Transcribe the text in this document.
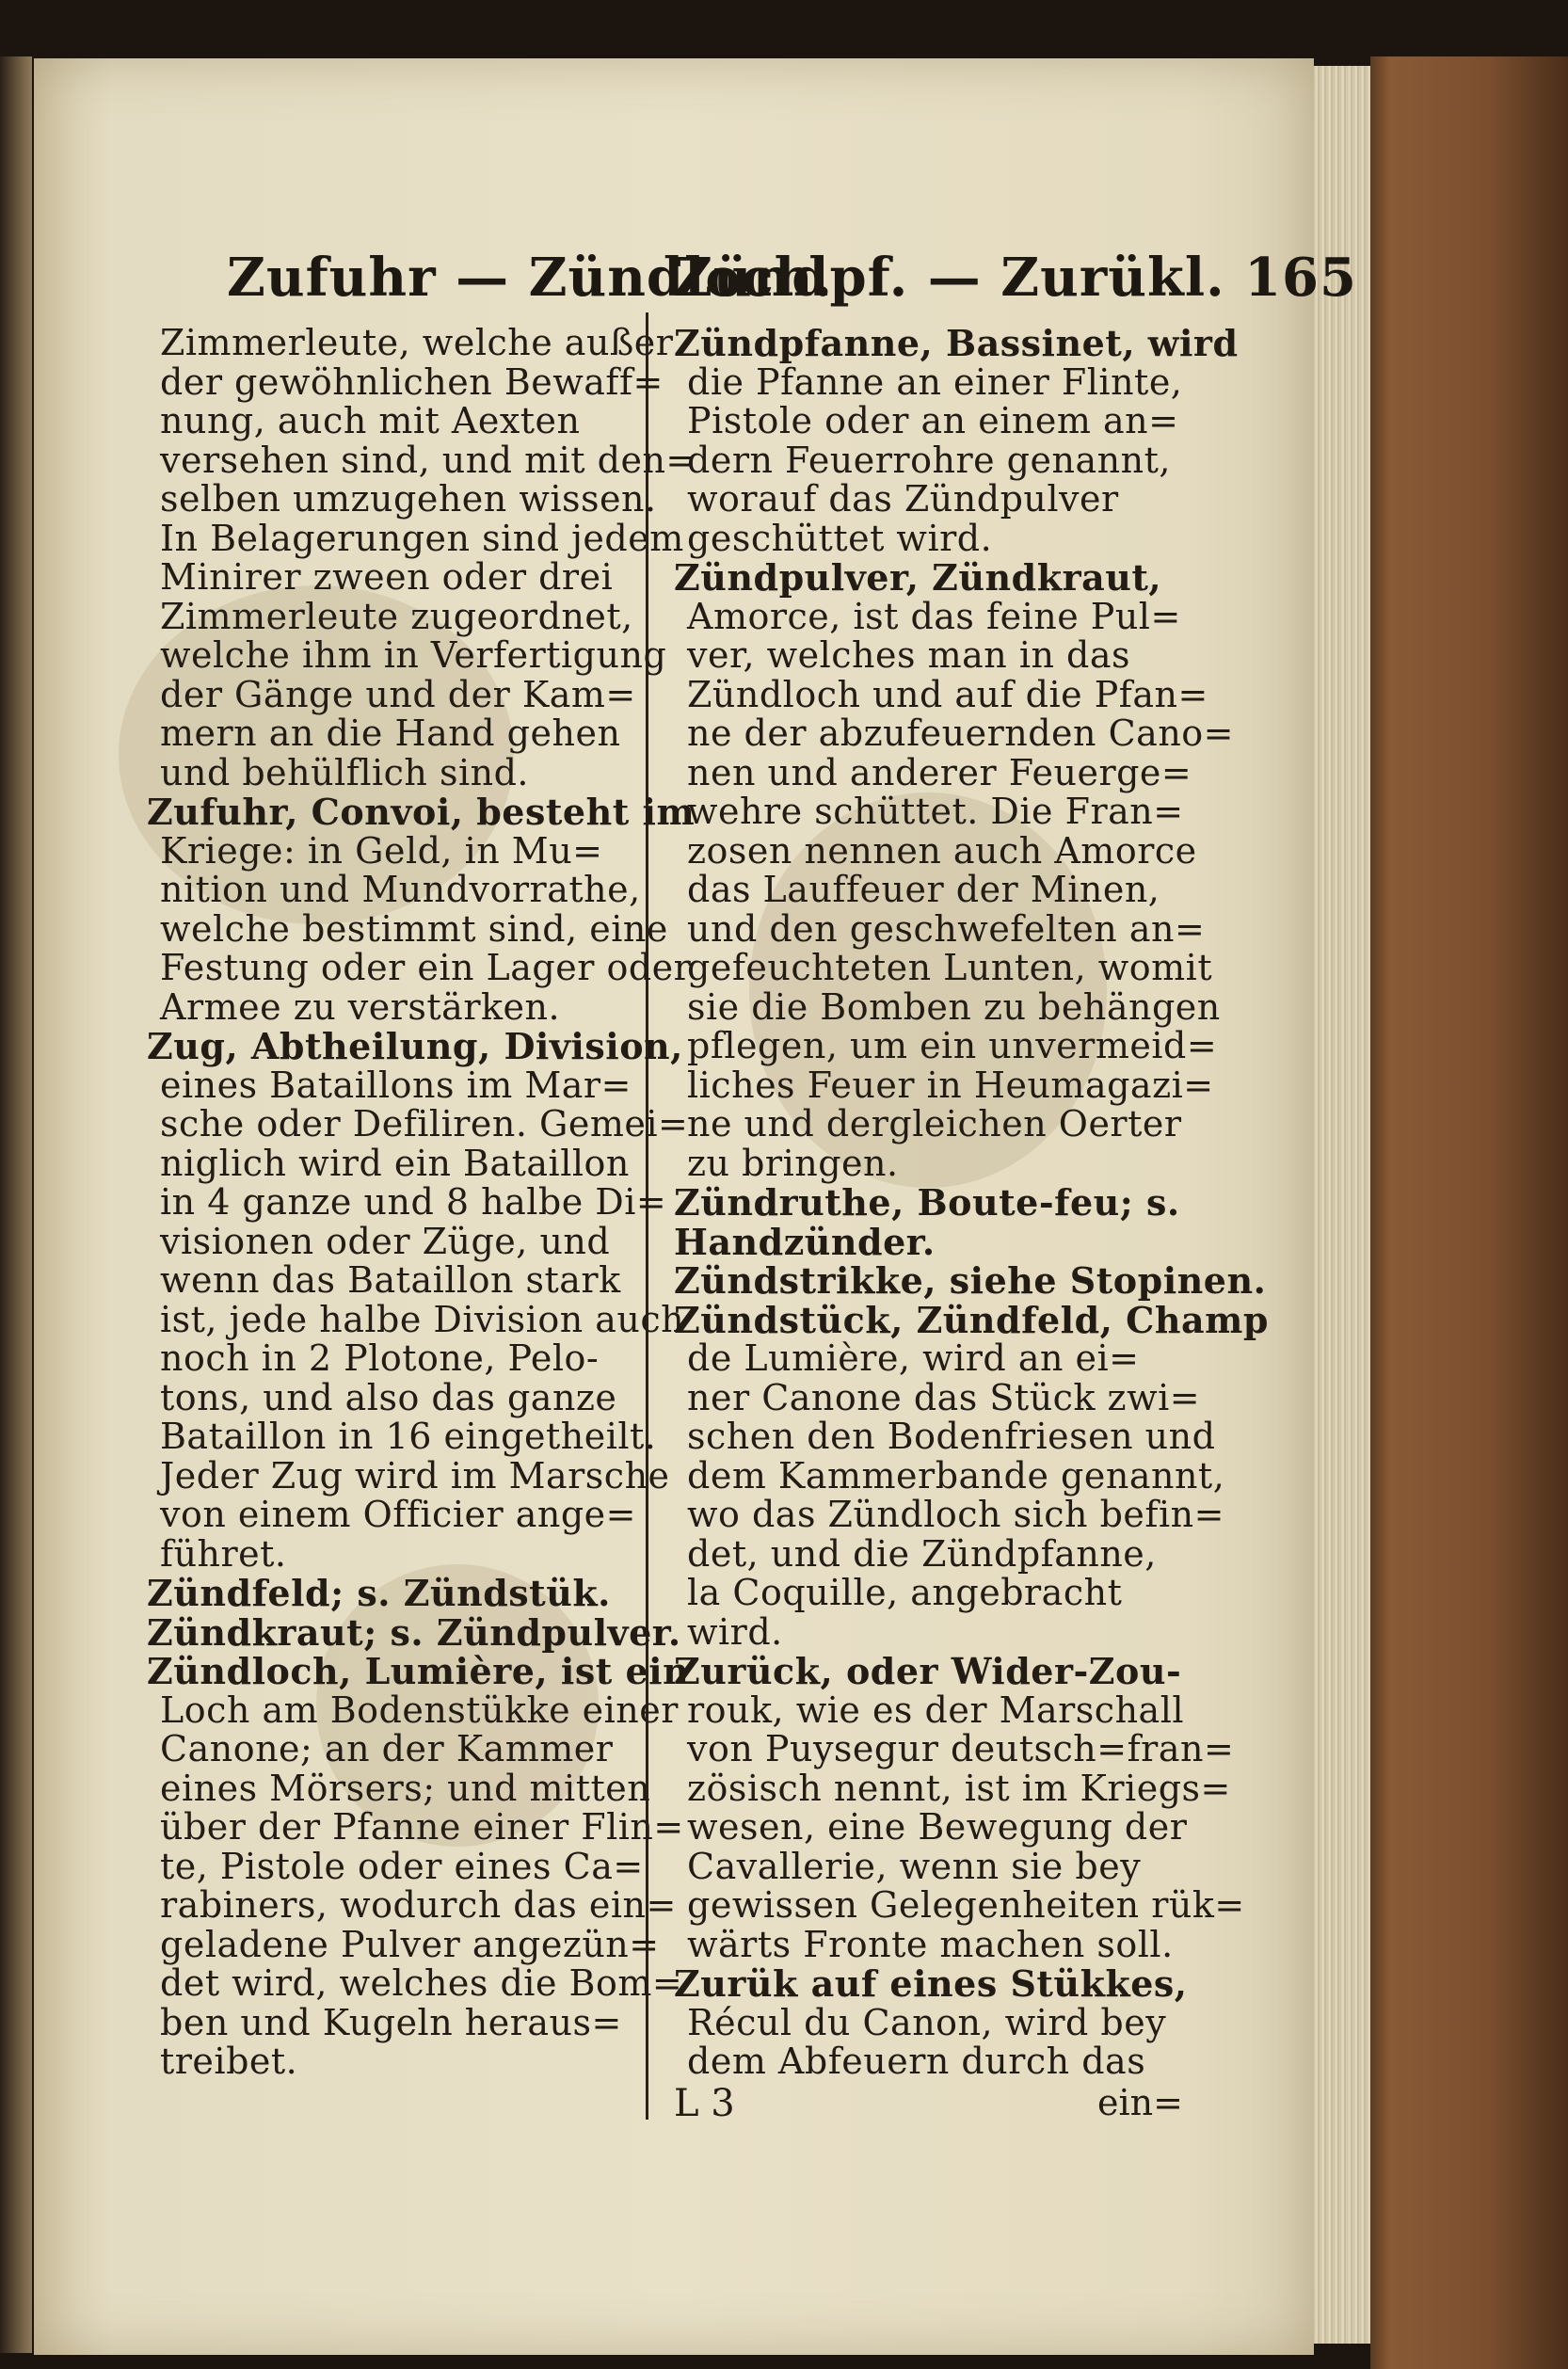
Zufuhr — Zündloch.
Zündpf. — Zurükl. 165
Zimmerleute, welche außer
der gewöhnlichen Bewaff=
nung, auch mit Aexten
versehen sind, und mit den=
selben umzugehen wissen.
In Belagerungen sind jedem
Minirer zween oder drei
Zimmerleute zugeordnet,
welche ihm in Verfertigung
der Gänge und der Kam=
mern an die Hand gehen
und behülflich sind.
Zufuhr, Convoi, besteht im
Kriege: in Geld, in Mu=
nition und Mundvorrathe,
welche bestimmt sind, eine
Festung oder ein Lager oder
Armee zu verstärken.
Zug, Abtheilung, Division,
eines Bataillons im Mar=
sche oder Defiliren. Gemei=
niglich wird ein Bataillon
in 4 ganze und 8 halbe Di=
visionen oder Züge, und
wenn das Bataillon stark
ist, jede halbe Division auch
noch in 2 Plotone, Pelo-
tons, und also das ganze
Bataillon in 16 eingetheilt.
Jeder Zug wird im Marsche
von einem Officier ange=
führet.
Zündfeld; s. Zündstük.
Zündkraut; s. Zündpulver.
Zündloch, Lumière, ist ein
Loch am Bodenstükke einer
Canone; an der Kammer
eines Mörsers; und mitten
über der Pfanne einer Flin=
te, Pistole oder eines Ca=
rabiners, wodurch das ein=
geladene Pulver angezün=
det wird, welches die Bom=
ben und Kugeln heraus=
treibet.
Zündpfanne, Bassinet, wird
die Pfanne an einer Flinte,
Pistole oder an einem an=
dern Feuerrohre genannt,
worauf das Zündpulver
geschüttet wird.
Zündpulver, Zündkraut,
Amorce, ist das feine Pul=
ver, welches man in das
Zündloch und auf die Pfan=
ne der abzufeuernden Cano=
nen und anderer Feuerge=
wehre schüttet. Die Fran=
zosen nennen auch Amorce
das Lauffeuer der Minen,
und den geschwefelten an=
gefeuchteten Lunten, womit
sie die Bomben zu behängen
pflegen, um ein unvermeid=
liches Feuer in Heumagazi=
ne und dergleichen Oerter
zu bringen.
Zündruthe, Boute-feu; s.
Handzünder.
Zündstrikke, siehe Stopinen.
Zündstück, Zündfeld, Champ
de Lumière, wird an ei=
ner Canone das Stück zwi=
schen den Bodenfriesen und
dem Kammerbande genannt,
wo das Zündloch sich befin=
det, und die Zündpfanne,
la Coquille, angebracht
wird.
Zurück, oder Wider-Zou-
rouk, wie es der Marschall
von Puysegur deutsch=fran=
zösisch nennt, ist im Kriegs=
wesen, eine Bewegung der
Cavallerie, wenn sie bey
gewissen Gelegenheiten rük=
wärts Fronte machen soll.
Zurük auf eines Stükkes,
Récul du Canon, wird bey
dem Abfeuern durch das
L 3	ein=
